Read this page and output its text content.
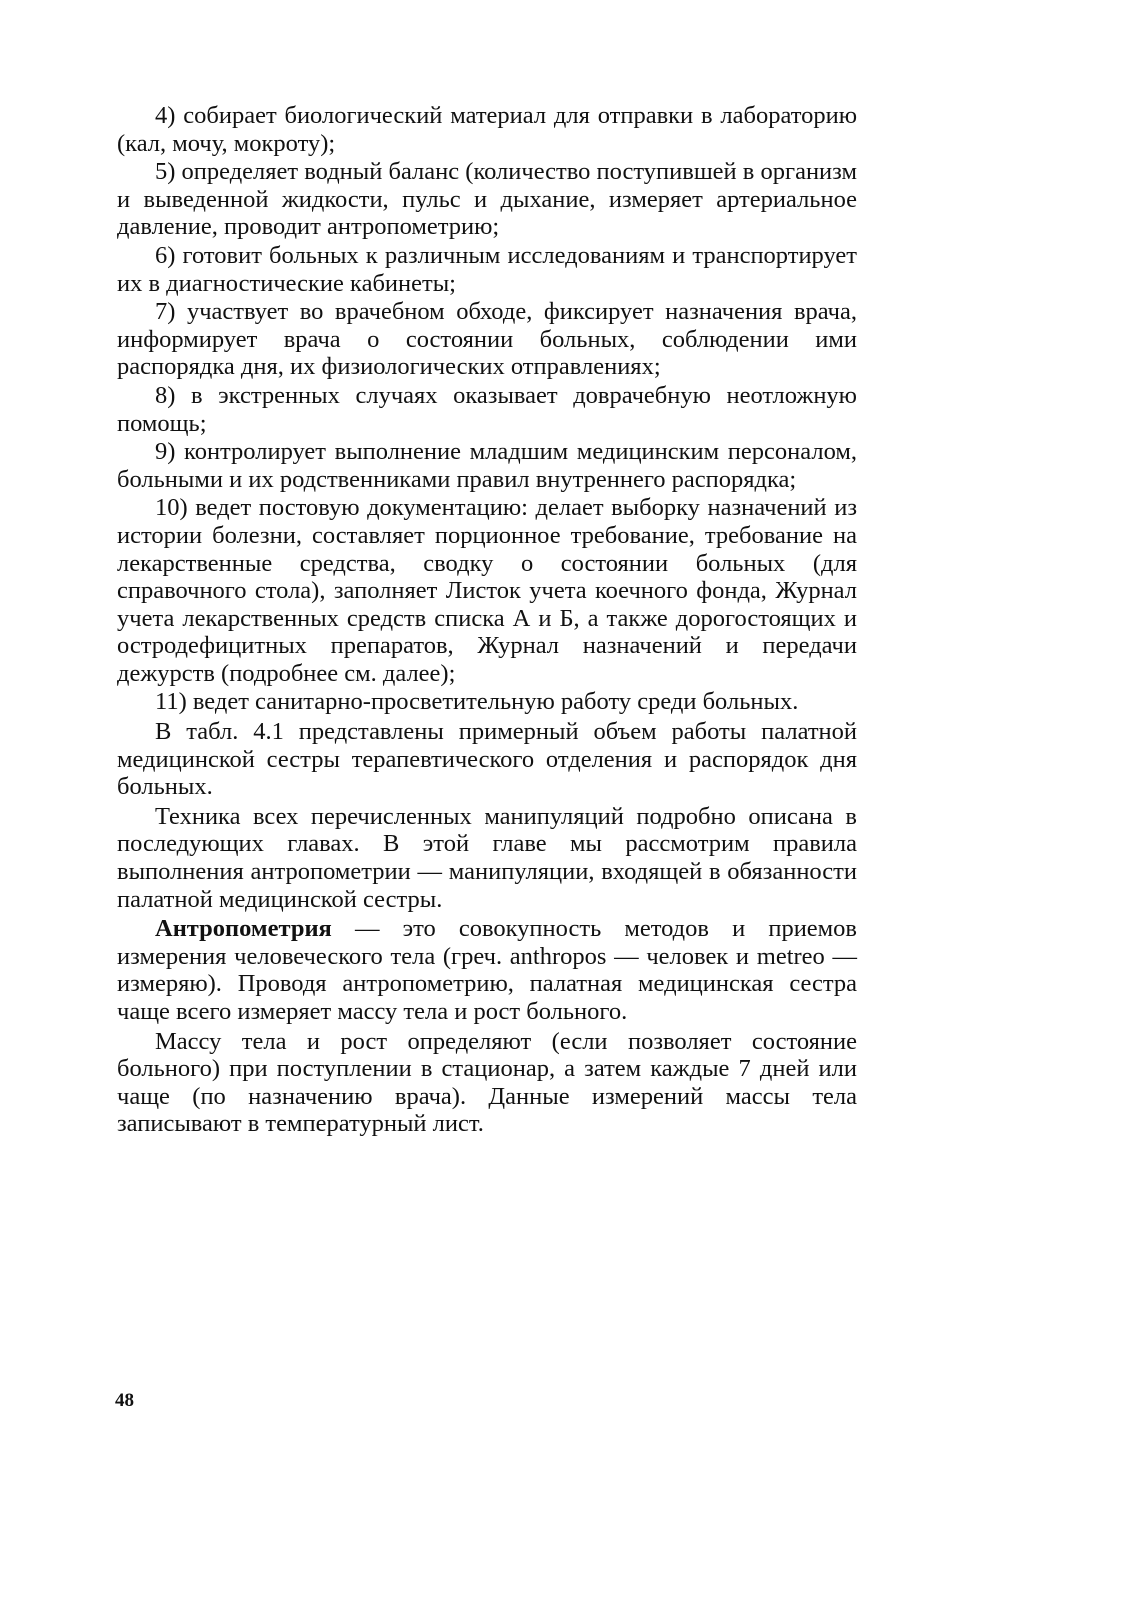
4) собирает биологический материал для отправки в лабораторию (кал, мочу, мокроту);

5) определяет водный баланс (количество поступившей в организм и выведенной жидкости, пульс и дыхание, измеряет артериальное давление, проводит антропометрию;

6) готовит больных к различным исследованиям и транспортирует их в диагностические кабинеты;

7) участвует во врачебном обходе, фиксирует назначения врача, информирует врача о состоянии больных, соблюдении ими распорядка дня, их физиологических отправлениях;

8) в экстренных случаях оказывает доврачебную неотложную помощь;

9) контролирует выполнение младшим медицинским персоналом, больными и их родственниками правил внутреннего распорядка;

10) ведет постовую документацию: делает выборку назначений из истории болезни, составляет порционное требование, требование на лекарственные средства, сводку о состоянии больных (для справочного стола), заполняет Листок учета коечного фонда, Журнал учета лекарственных средств списка А и Б, а также дорогостоящих и остродефицитных препаратов, Журнал назначений и передачи дежурств (подробнее см. далее);

11) ведет санитарно-просветительную работу среди больных.

В табл. 4.1 представлены примерный объем работы палатной медицинской сестры терапевтического отделения и распорядок дня больных.

Техника всех перечисленных манипуляций подробно описана в последующих главах. В этой главе мы рассмотрим правила выполнения антропометрии — манипуляции, входящей в обязанности палатной медицинской сестры.

Антропометрия — это совокупность методов и приемов измерения человеческого тела (греч. anthropos — человек и metreo — измеряю). Проводя антропометрию, палатная медицинская сестра чаще всего измеряет массу тела и рост больного.

Массу тела и рост определяют (если позволяет состояние больного) при поступлении в стационар, а затем каждые 7 дней или чаще (по назначению врача). Данные измерений массы тела записывают в температурный лист.

48
